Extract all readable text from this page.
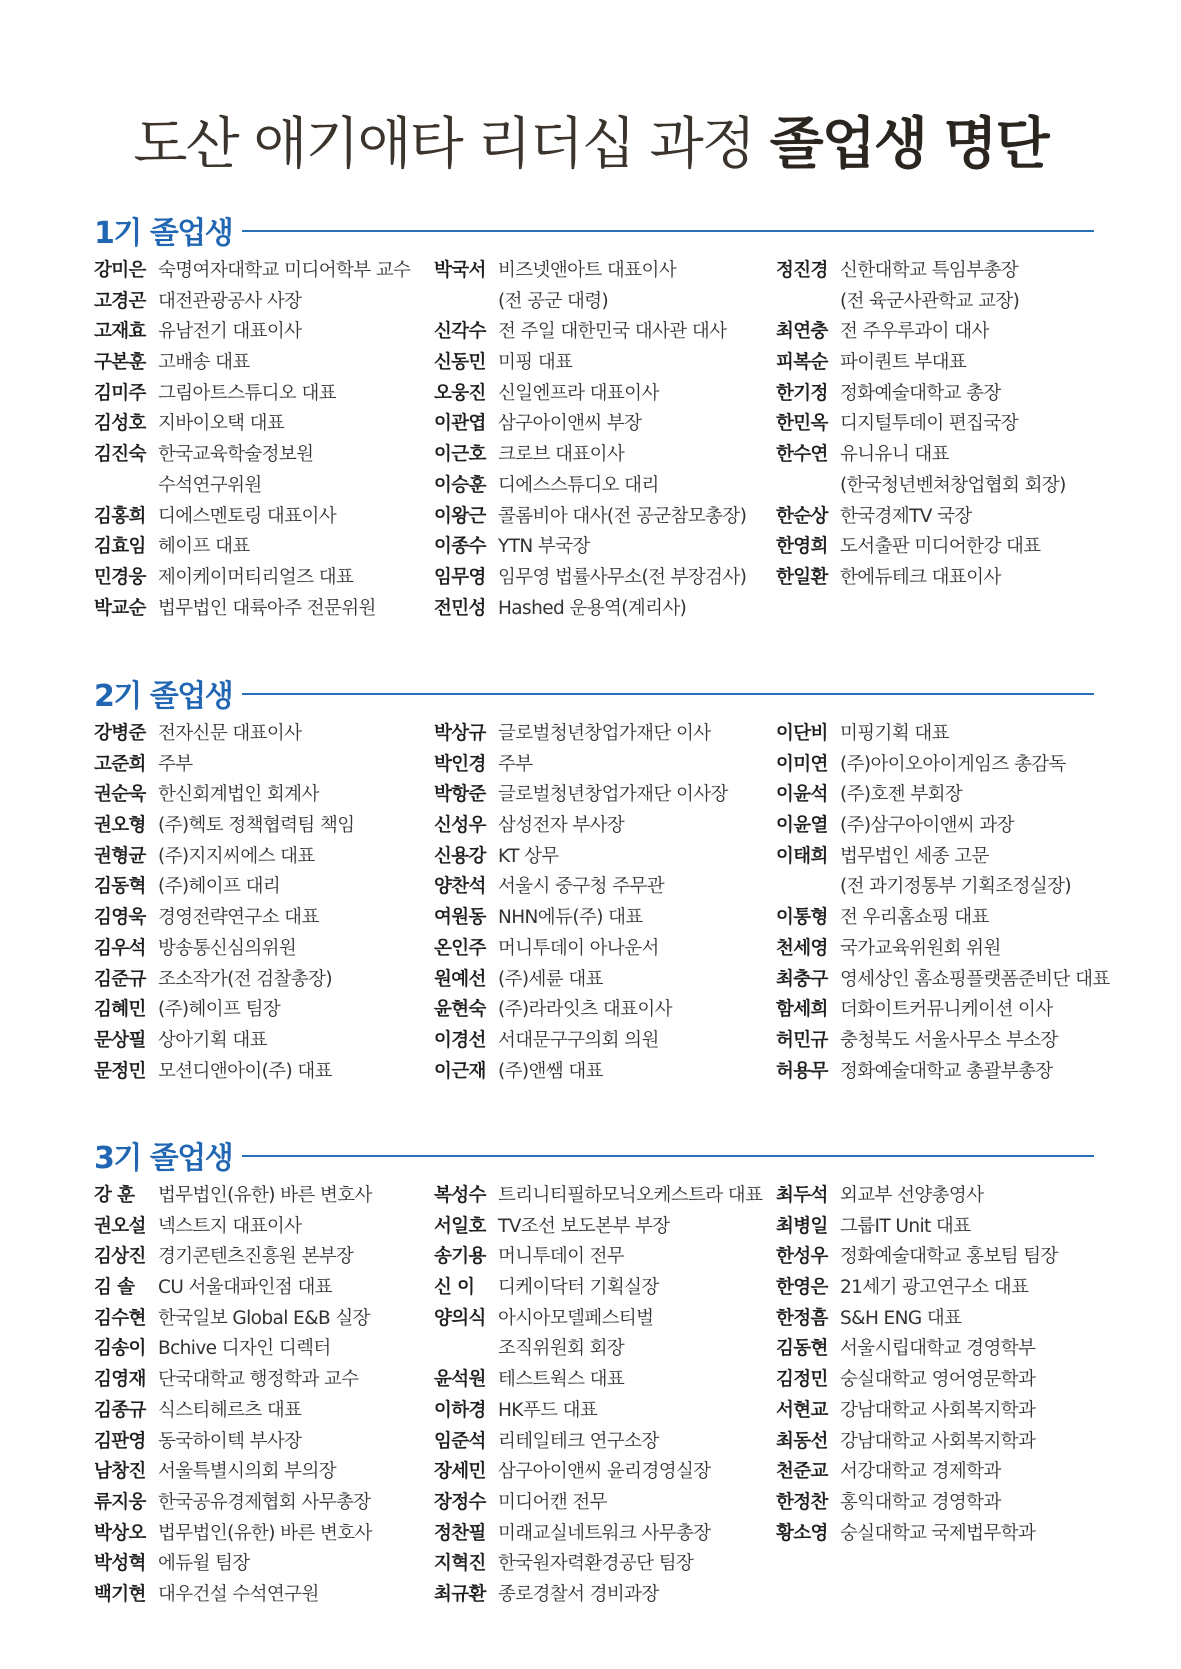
도산 애기애타 리더십 과정 졸업생 명단
1기 졸업생
강미은 숙명여자대학교 미디어학부 교수
고경곤 대전관광공사 사장
고재효 유남전기 대표이사
구본훈 고배송 대표
김미주 그림아트스튜디오 대표
김성호 지바이오택 대표
김진숙 한국교육학술정보원
수석연구위원
김홍희 디에스멘토링 대표이사
김효임 헤이프 대표
민경웅 제이케이머티리얼즈 대표
박교순 법무법인 대륙아주 전문위원
박국서 비즈넷앤아트 대표이사
(전 공군 대령)
신각수 전 주일 대한민국 대사관 대사
신동민 미핑 대표
오웅진 신일엔프라 대표이사
이관엽 삼구아이앤씨 부장
이근호 크로브 대표이사
이승훈 디에스스튜디오 대리
이왕근 콜롬비아 대사(전 공군참모총장)
이종수 YTN 부국장
임무영 임무영 법률사무소(전 부장검사)
전민성 Hashed 운용역(계리사)
정진경 신한대학교 특임부총장
(전 육군사관학교 교장)
최연충 전 주우루과이 대사
피복순 파이퀀트 부대표
한기정 정화예술대학교 총장
한민옥 디지털투데이 편집국장
한수연 유니유니 대표
(한국청년벤쳐창업협회 회장)
한순상 한국경제TV 국장
한영희 도서출판 미디어한강 대표
한일환 한에듀테크 대표이사
2기 졸업생
강병준 전자신문 대표이사
고준희 주부
권순욱 한신회계법인 회계사
권오형 (주)헥토 정책협력팀 책임
권형균 (주)지지씨에스 대표
김동혁 (주)헤이프 대리
김영욱 경영전략연구소 대표
김우석 방송통신심의위원
김준규 조소작가(전 검찰총장)
김혜민 (주)헤이프 팀장
문상필 상아기획 대표
문정민 모션디앤아이(주) 대표
박상규 글로벌청년창업가재단 이사
박인경 주부
박항준 글로벌청년창업가재단 이사장
신성우 삼성전자 부사장
신용강 KT 상무
양찬석 서울시 중구청 주무관
여원동 NHN에듀(주) 대표
온인주 머니투데이 아나운서
원예선 (주)세륜 대표
윤현숙 (주)라라잇츠 대표이사
이경선 서대문구구의회 의원
이근재 (주)앤쌤 대표
이단비 미핑기획 대표
이미연 (주)아이오아이게임즈 총감독
이윤석 (주)호젠 부회장
이윤열 (주)삼구아이앤씨 과장
이태희 법무법인 세종 고문
(전 과기정통부 기획조정실장)
이통형 전 우리홈쇼핑 대표
천세영 국가교육위원회 위원
최충구 영세상인 홈쇼핑플랫폼준비단 대표
함세희 더화이트커뮤니케이션 이사
허민규 충청북도 서울사무소 부소장
허용무 정화예술대학교 총괄부총장
3기 졸업생
강 훈	법무법인(유한) 바른 변호사
권오설 넥스트지 대표이사
김상진 경기콘텐츠진흥원 본부장
김 솔	CU 서울대파인점 대표
김수현 한국일보 Global E&B 실장
김송이 Bchive 디자인 디렉터
김영재 단국대학교 행정학과 교수
김종규 식스티헤르츠 대표
김판영 동국하이텍 부사장
남창진 서울특별시의회 부의장
류지웅 한국공유경제협회 사무총장
박상오 법무법인(유한) 바른 변호사
박성혁 에듀윌 팀장
백기현 대우건설 수석연구원
복성수 트리니티필하모닉오케스트라 대표
서일호 TV조선 보도본부 부장
송기용 머니투데이 전무
신 이	디케이닥터 기획실장
양의식 아시아모델페스티벌
조직위원회 회장
윤석원 테스트웍스 대표
이하경 HK푸드 대표
임준석 리테일테크 연구소장
장세민 삼구아이앤씨 윤리경영실장
장정수 미디어캔 전무
정찬필 미래교실네트워크 사무총장
지혁진 한국원자력환경공단 팀장
최규환 종로경찰서 경비과장
최두석 외교부 선양총영사
최병일 그룹IT Unit 대표
한성우 정화예술대학교 홍보팀 팀장
한영은 21세기 광고연구소 대표
한정흠 S&H ENG 대표
김동현 서울시립대학교 경영학부
김정민 숭실대학교 영어영문학과
서현교 강남대학교 사회복지학과
최동선 강남대학교 사회복지학과
천준교 서강대학교 경제학과
한정찬 홍익대학교 경영학과
황소영 숭실대학교 국제법무학과
